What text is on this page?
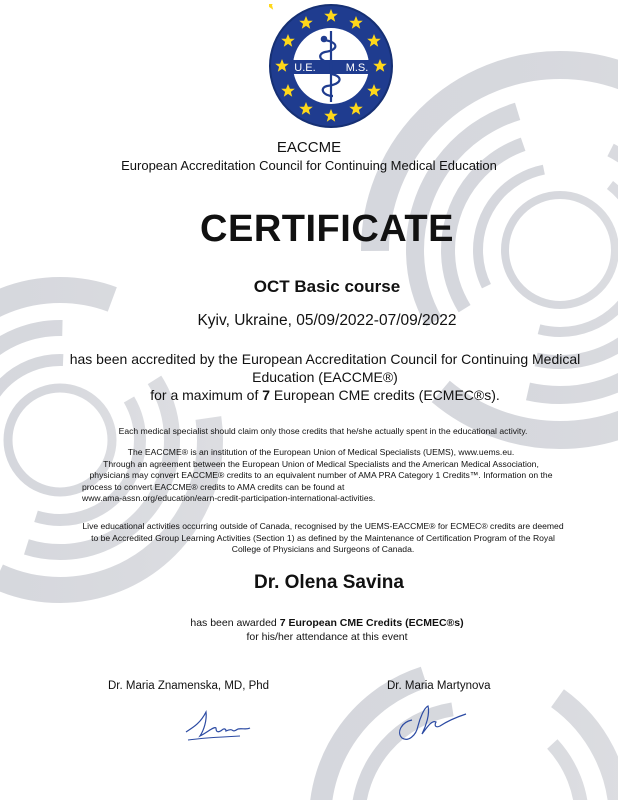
U.E.	M.S.
EACCME
European Accreditation Council for Continuing Medical Education
CERTIFICATE
OCT Basic course
Kyiv, Ukraine, 05/09/2022-07/09/2022
has been accredited by the European Accreditation Council for Continuing Medical
Education (EACCME®)
for a maximum of 7 European CME credits (ECMEC®s).
Each medical specialist should claim only those credits that he/she actually spent in the educational activity.
The EACCME® is an institution of the European Union of Medical Specialists (UEMS), www.uems.eu.
Through an agreement between the European Union of Medical Specialists and the American Medical Association,
physicians may convert EACCME® credits to an equivalent number of AMA PRA Category 1 Credits™. Information on the
process to convert EACCME® credits to AMA credits can be found at
www.ama-assn.org/education/earn-credit-participation-international-activities.
Live educational activities occurring outside of Canada, recognised by the UEMS-EACCME® for ECMEC® credits are deemed
to be Accredited Group Learning Activities (Section 1) as defined by the Maintenance of Certification Program of the Royal
College of Physicians and Surgeons of Canada.
Dr. Olena Savina
has been awarded 7 European CME Credits (ECMEC®s)
for his/her attendance at this event
Dr. Maria Znamenska, MD, Phd	Dr. Maria Martynova
